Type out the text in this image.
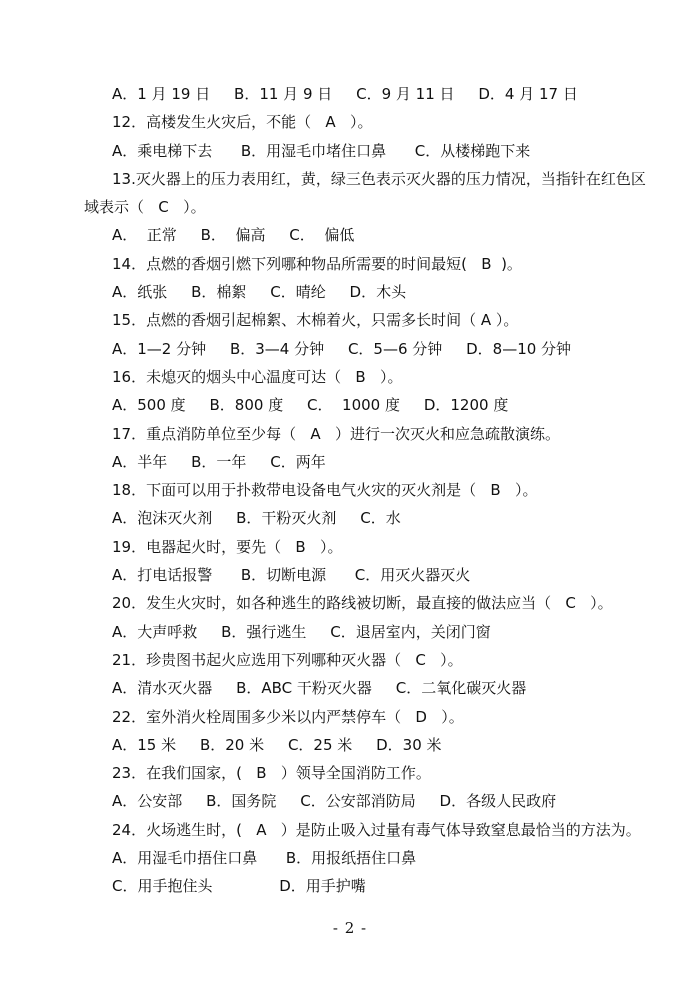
A．1 月 19 日     B．11 月 9 日     C．9 月 11 日     D．4 月 17 日
12．高楼发生火灾后，不能（   A   ）。
A．乘电梯下去      B．用湿毛巾堵住口鼻      C．从楼梯跑下来
13.灭火器上的压力表用红，黄，绿三色表示灭火器的压力情况，当指针在红色区
域表示（   C   ）。
A．  正常     B．  偏高     C．  偏低
14．点燃的香烟引燃下列哪种物品所需要的时间最短(   B  )。
A．纸张     B．棉絮     C．晴纶     D．木头
15．点燃的香烟引起棉絮、木棉着火，只需多长时间（ A ）。
A．1—2 分钟     B．3—4 分钟     C．5—6 分钟     D．8—10 分钟
16．未熄灭的烟头中心温度可达（   B   ）。
A．500 度     B．800 度     C．  1000 度     D．1200 度
17．重点消防单位至少每（   A   ）进行一次灭火和应急疏散演练。
A．半年     B．一年     C．两年
18．下面可以用于扑救带电设备电气火灾的灭火剂是（   B   ）。
A．泡沫灭火剂     B．干粉灭火剂     C．水
19．电器起火时，要先（   B   ）。
A．打电话报警      B．切断电源      C．用灭火器灭火
20．发生火灾时，如各种逃生的路线被切断，最直接的做法应当（   C   ）。
A．大声呼救     B．强行逃生     C．退居室内，关闭门窗
21．珍贵图书起火应选用下列哪种灭火器（   C   ）。
A．清水灭火器     B．ABC 干粉灭火器     C．二氧化碳灭火器
22．室外消火栓周围多少米以内严禁停车（   D   ）。
A．15 米     B．20 米     C．25 米     D．30 米
23．在我们国家，(   B   ）领导全国消防工作。
A．公安部     B．国务院     C．公安部消防局     D．各级人民政府
24．火场逃生时，(   A   ）是防止吸入过量有毒气体导致窒息最恰当的方法为。
A．用湿毛巾捂住口鼻      B．用报纸捂住口鼻
C．用手抱住头              D．用手护嘴
- 2 -
